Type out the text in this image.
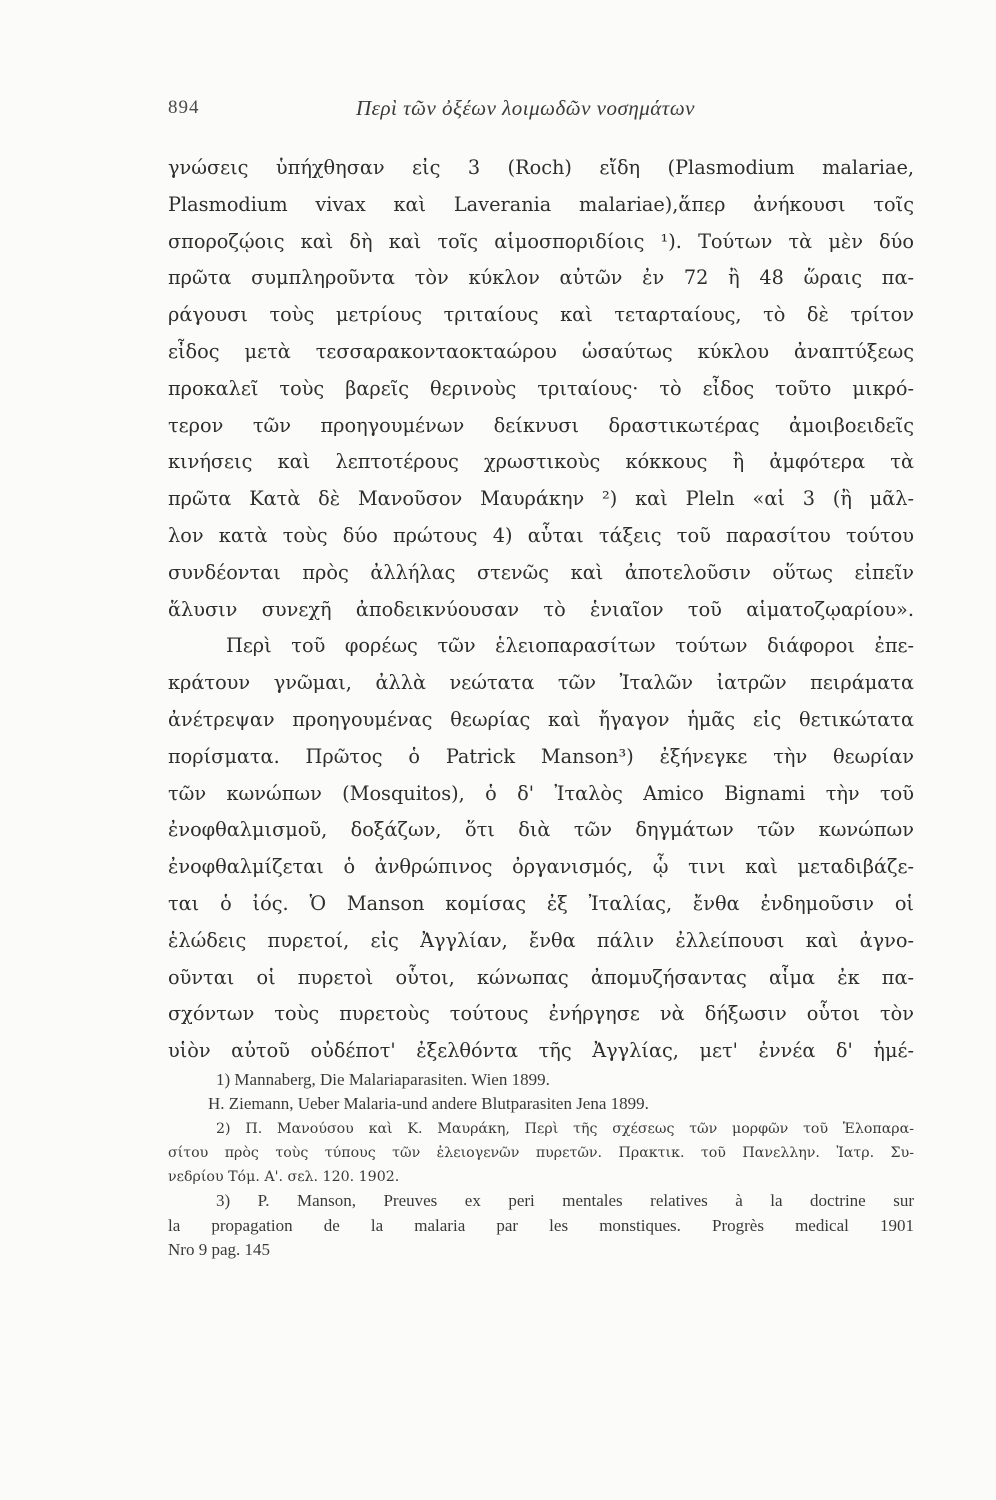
894	Περὶ τῶν ὀξέων λοιμωδῶν νοσημάτων
γνώσεις ὑπήχθησαν εἰς 3 (Roch) εἴδη (Plasmodium malariae,
Plasmodium vivax καὶ Laverania malariae),ἅπερ ἀνήκουσι τοῖς
σποροζῴοις καὶ δὴ καὶ τοῖς αἱμοσποριδίοις ¹). Τούτων τὰ μὲν δύο
πρῶτα συμπληροῦντα τὸν κύκλον αὐτῶν ἐν 72 ἢ 48 ὥραις πα-
ράγουσι τοὺς μετρίους τριταίους καὶ τεταρταίους, τὸ δὲ τρίτον
εἶδος μετὰ τεσσαρακονταοκταώρου ὡσαύτως κύκλου ἀναπτύξεως
προκαλεῖ τοὺς βαρεῖς θερινοὺς τριταίους· τὸ εἶδος τοῦτο μικρό-
τερον τῶν προηγουμένων δείκνυσι δραστικωτέρας ἀμοιβοειδεῖς
κινήσεις καὶ λεπτοτέρους χρωστικοὺς κόκκους ἢ ἀμφότερα τὰ
πρῶτα Κατὰ δὲ Μανοῦσον Μαυράκην ²) καὶ Pleln «αἱ 3 (ἢ μᾶλ-
λον κατὰ τοὺς δύο πρώτους 4) αὗται τάξεις τοῦ παρασίτου τούτου
συνδέονται πρὸς ἀλλήλας στενῶς καὶ ἀποτελοῦσιν οὕτως εἰπεῖν
ἅλυσιν συνεχῆ ἀποδεικνύουσαν τὸ ἑνιαῖον τοῦ αἱματοζῳαρίου».
Περὶ τοῦ φορέως τῶν ἑλειοπαρασίτων τούτων διάφοροι ἐπε-
κράτουν γνῶμαι, ἀλλὰ νεώτατα τῶν Ἰταλῶν ἰατρῶν πειράματα
ἀνέτρεψαν προηγουμένας θεωρίας καὶ ἤγαγον ἡμᾶς εἰς θετικώτατα
πορίσματα. Πρῶτος ὁ Patrick Manson³) ἐξήνεγκε τὴν θεωρίαν
τῶν κωνώπων (Mosquitos), ὁ δ' Ἰταλὸς Amico Bignami τὴν τοῦ
ἐνοφθαλμισμοῦ, δοξάζων, ὅτι διὰ τῶν δηγμάτων τῶν κωνώπων
ἐνοφθαλμίζεται ὁ ἀνθρώπινος ὀργανισμός, ᾧ τινι καὶ μεταδιβάζε-
ται ὁ ἰός. Ὁ Manson κομίσας ἐξ Ἰταλίας, ἔνθα ἐνδημοῦσιν οἱ
ἑλώδεις πυρετοί, εἰς Ἀγγλίαν, ἔνθα πάλιν ἐλλείπουσι καὶ ἀγνο-
οῦνται οἱ πυρετοὶ οὗτοι, κώνωπας ἀπομυζήσαντας αἷμα ἐκ πα-
σχόντων τοὺς πυρετοὺς τούτους ἐνήργησε νὰ δήξωσιν οὗτοι τὸν
υἱὸν αὐτοῦ οὐδέποτ' ἐξελθόντα τῆς Ἀγγλίας, μετ' ἐννέα δ' ἡμέ-
1) Mannaberg, Die Malariaparasiten. Wien 1899.
H. Ziemann, Ueber Malaria-und andere Blutparasiten Jena 1899.
2) Π. Μανούσου καὶ Κ. Μαυράκη, Περὶ τῆς σχέσεως τῶν μορφῶν τοῦ Ἑλοπαρα-
σίτου πρὸς τοὺς τύπους τῶν ἑλειογενῶν πυρετῶν. Πρακτικ. τοῦ Πανελλην. Ἰατρ. Συ-
νεδρίου Τόμ. Α'. σελ. 120. 1902.
3) P. Manson, Preuves ex peri mentales relatives à la doctrine sur
la propagation de la malaria par les monstiques. Progrès medical 1901
Nro 9 pag. 145
